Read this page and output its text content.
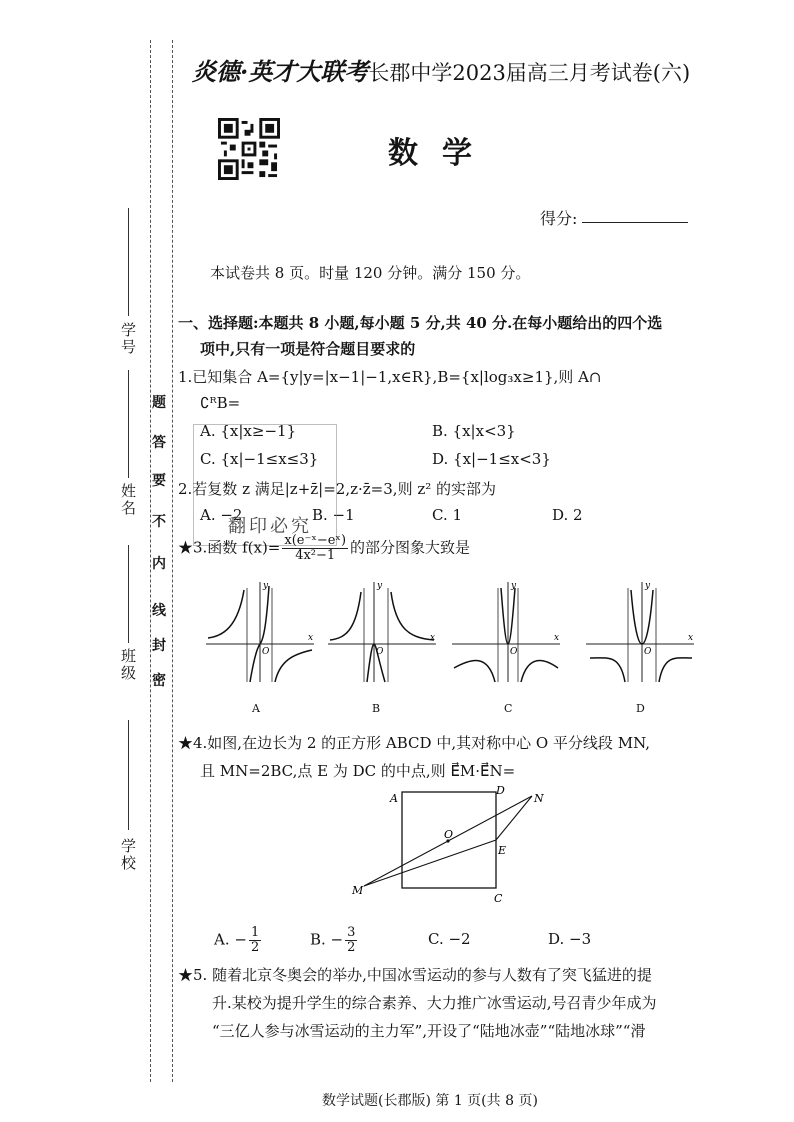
学校
班级
姓名
学号
密
封
线
内
不
要
答
题
炎德·英才大联考长郡中学2023届高三月考试卷(六)
数学
得分:
本试卷共 8 页。时量 120 分钟。满分 150 分。
一、选择题:本题共 8 小题,每小题 5 分,共 40 分.在每小题给出的四个选
项中,只有一项是符合题目要求的
1.已知集合 A={y|y=|x−1|−1,x∈R},B={x|log₃x≥1},则 A∩
∁ᴿB=
A. {x|x≥−1}	B. {x|x<3}
C. {x|−1≤x≤3}	D. {x|−1≤x<3}
2.若复数 z 满足|z+z̄|=2,z·z̄=3,则 z² 的实部为
A. −2	B. −1	C. 1	D. 2
翻印必究
★3.函数 $f(x)= \frac{\text{x(e⁻ˣ−eˣ)}}{\text{4x²−1}}$ 的部分图象大致是
y
x
O
A
y
x
O
B
y
x
O
C
y
x
O
D
★4.如图,在边长为 2 的正方形 ABCD 中,其对称中心 O 平分线段 MN,
且 MN=2BC,点 E 为 DC 的中点,则 E⃗M·E⃗N=
A
D
N
O
E
M
C
A. − $\frac{1}{2}$	B. − $\frac{3}{2}$	C. −2	D. −3
★5. 随着北京冬奥会的举办,中国冰雪运动的参与人数有了突飞猛进的提
升.某校为提升学生的综合素养、大力推广冰雪运动,号召青少年成为
“三亿人参与冰雪运动的主力军”,开设了“陆地冰壶”“陆地冰球”“滑
数学试题(长郡版) 第 1 页(共 8 页)
